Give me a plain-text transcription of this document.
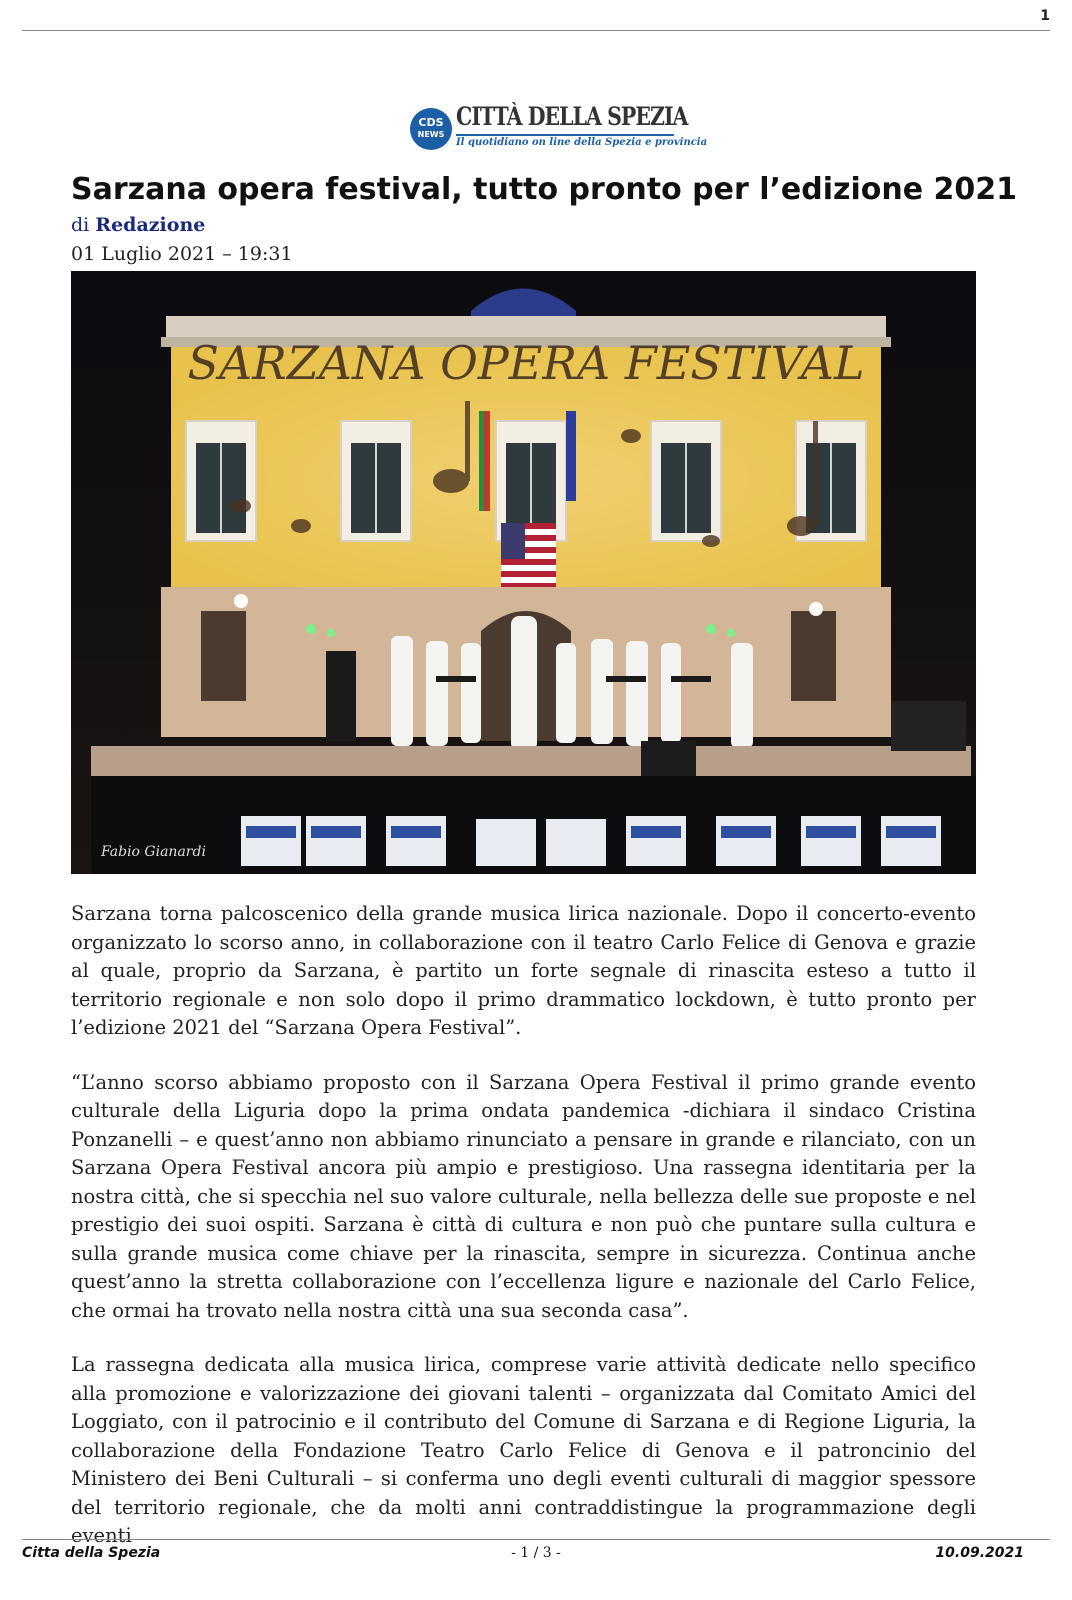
1
CDS
NEWS
CITTÀ DELLA SPEZIA
Il quotidiano on line della Spezia e provincia
Sarzana opera festival, tutto pronto per l’edizione 2021
di Redazione
01 Luglio 2021 – 19:31
SARZANA OPERA FESTIVAL
Fabio Gianardi

Sarzana torna palcoscenico della grande musica lirica nazionale. Dopo il concerto-evento organizzato lo scorso anno, in collaborazione con il teatro Carlo Felice di Genova e grazie al quale, proprio da Sarzana, è partito un forte segnale di rinascita esteso a tutto il territorio regionale e non solo dopo il primo drammatico lockdown, è tutto pronto per l’edizione 2021 del “Sarzana Opera Festival”.

“L’anno scorso abbiamo proposto con il Sarzana Opera Festival il primo grande evento culturale della Liguria dopo la prima ondata pandemica -dichiara il sindaco Cristina Ponzanelli – e quest’anno non abbiamo rinunciato a pensare in grande e rilanciato, con un Sarzana Opera Festival ancora più ampio e prestigioso. Una rassegna identitaria per la nostra città, che si specchia nel suo valore culturale, nella bellezza delle sue proposte e nel prestigio dei suoi ospiti. Sarzana è città di cultura e non può che puntare sulla cultura e sulla grande musica come chiave per la rinascita, sempre in sicurezza. Continua anche quest’anno la stretta collaborazione con l’eccellenza ligure e nazionale del Carlo Felice, che ormai ha trovato nella nostra città una sua seconda casa”.

La rassegna dedicata alla musica lirica, comprese varie attività dedicate nello specifico alla promozione e valorizzazione dei giovani talenti – organizzata dal Comitato Amici del Loggiato, con il patrocinio e il contributo del Comune di Sarzana e di Regione Liguria, la collaborazione della Fondazione Teatro Carlo Felice di Genova e il patroncinio del Ministero dei Beni Culturali – si conferma uno degli eventi culturali di maggior spessore del territorio regionale, che da molti anni contraddistingue la programmazione degli eventi

Citta della Spezia	- 1 / 3 -	10.09.2021
